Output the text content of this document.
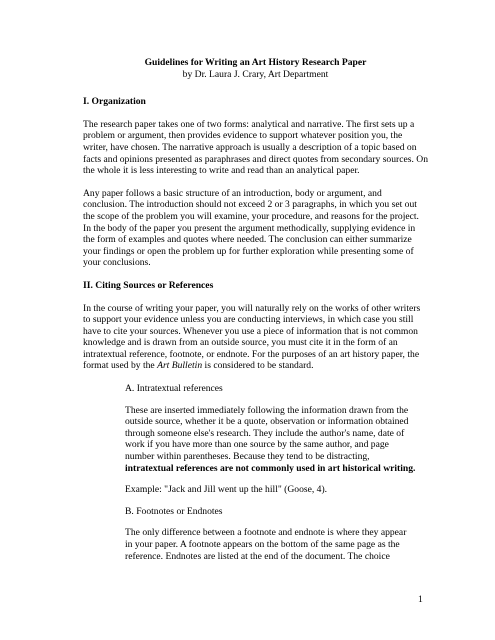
Guidelines for Writing an Art History Research Paper

by Dr. Laura J. Crary, Art Department

I. Organization

The research paper takes one of two forms: analytical and narrative. The first sets up a problem or argument, then provides evidence to support whatever position you, the writer, have chosen. The narrative approach is usually a description of a topic based on facts and opinions presented as paraphrases and direct quotes from secondary sources. On the whole it is less interesting to write and read than an analytical paper.

Any paper follows a basic structure of an introduction, body or argument, and conclusion. The introduction should not exceed 2 or 3 paragraphs, in which you set out the scope of the problem you will examine, your procedure, and reasons for the project. In the body of the paper you present the argument methodically, supplying evidence in the form of examples and quotes where needed. The conclusion can either summarize your findings or open the problem up for further exploration while presenting some of your conclusions.

II. Citing Sources or References

In the course of writing your paper, you will naturally rely on the works of other writers to support your evidence unless you are conducting interviews, in which case you still have to cite your sources. Whenever you use a piece of information that is not common knowledge and is drawn from an outside source, you must cite it in the form of an intratextual reference, footnote, or endnote. For the purposes of an art history paper, the format used by the Art Bulletin is considered to be standard.

A. Intratextual references

These are inserted immediately following the information drawn from the outside source, whether it be a quote, observation or information obtained through someone else's research. They include the author's name, date of work if you have more than one source by the same author, and page number within parentheses. Because they tend to be distracting, intratextual references are not commonly used in art historical writing.

Example: "Jack and Jill went up the hill" (Goose, 4).

B. Footnotes or Endnotes

The only difference between a footnote and endnote is where they appear in your paper. A footnote appears on the bottom of the same page as the reference. Endnotes are listed at the end of the document. The choice

1
